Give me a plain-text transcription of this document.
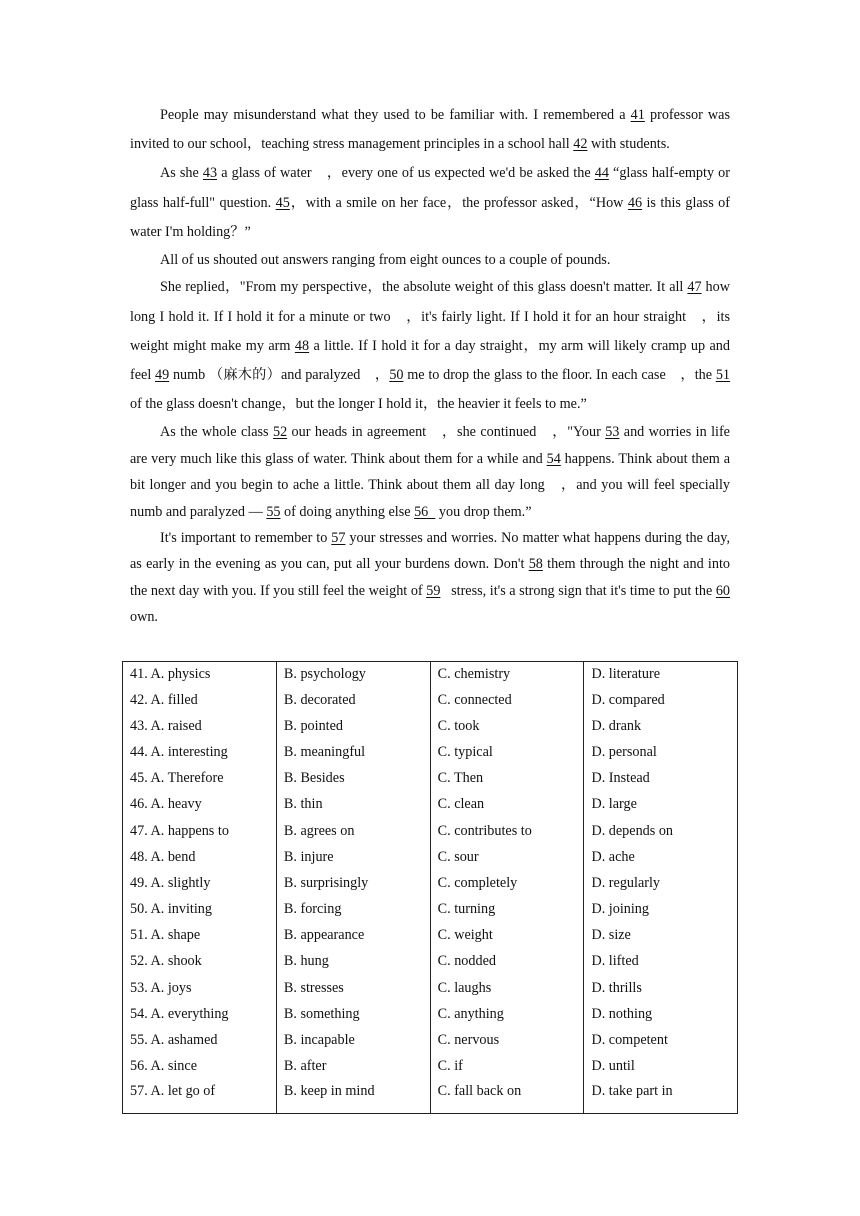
People may misunderstand what they used to be familiar with. I remembered a 41 professor was invited to our school，teaching stress management principles in a school hall 42 with students.

As she 43 a glass of water　，every one of us expected we'd be asked the 44 “glass half-empty or glass half-full" question. 45，with a smile on her face，the professor asked，“How 46 is this glass of water I'm holding？”

All of us shouted out answers ranging from eight ounces to a couple of pounds.

She replied，"From my perspective，the absolute weight of this glass doesn't matter. It all 47 how long I hold it. If I hold it for a minute or two　，it's fairly light. If I hold it for an hour straight　，its weight might make my arm 48 a little. If I hold it for a day straight，my arm will likely cramp up and feel 49 numb （麻木的）and paralyzed　，50 me to drop the glass to the floor. In each case　，the 51 of the glass doesn't change，but the longer I hold it，the heavier it feels to me.”

As the whole class 52 our heads in agreement　，she continued　，"Your 53 and worries in life are very much like this glass of water. Think about them for a while and 54 happens. Think about them a bit longer and you begin to ache a little. Think about them all day long　，and you will feel specially numb and paralyzed — 55 of doing anything else 56   you drop them.”

It's important to remember to 57 your stresses and worries. No matter what happens during the day, as early in the evening as you can, put all your burdens down. Don't 58 them through the night and into the next day with you. If you still feel the weight of 59   stress, it's a strong sign that it's time to put the 60 own.

41. A. physics	B. psychology	C. chemistry	D. literature
42. A. filled	B. decorated	C. connected	D. compared
43. A. raised	B. pointed	C. took	D. drank
44. A. interesting	B. meaningful	C. typical	D. personal
45. A. Therefore	B. Besides	C. Then	D. Instead
46. A. heavy	B. thin	C. clean	D. large
47. A. happens to	B. agrees on	C. contributes to	D. depends on
48. A. bend	B. injure	C. sour	D. ache
49. A. slightly	B. surprisingly	C. completely	D. regularly
50. A. inviting	B. forcing	C. turning	D. joining
51. A. shape	B. appearance	C. weight	D. size
52. A. shook	B. hung	C. nodded	D. lifted
53. A. joys	B. stresses	C. laughs	D. thrills
54. A. everything	B. something	C. anything	D. nothing
55. A. ashamed	B. incapable	C. nervous	D. competent
56. A. since	B. after	C. if	D. until
57. A. let go of	B. keep in mind	C. fall back on	D. take part in
